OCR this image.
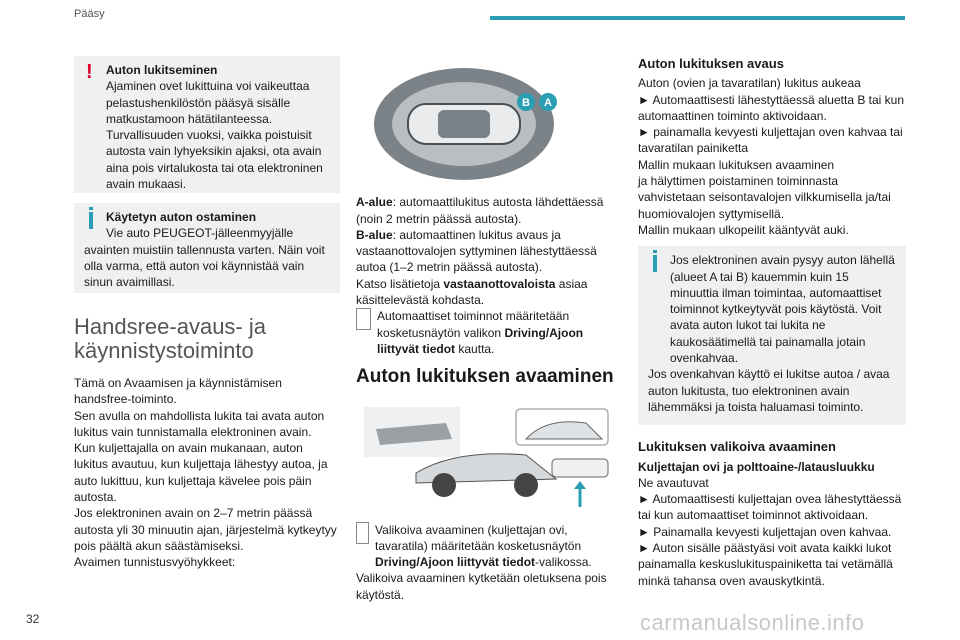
Pääsy
!	Auton lukitseminen
Ajaminen ovet lukittuina voi vaikeuttaa pelastushenkilöstön pääsyä sisälle matkustamoon hätätilanteessa. Turvallisuuden vuoksi, vaikka poistuisit autosta vain lyhyeksikin ajaksi, ota avain aina pois virtalukosta tai ota elektroninen avain mukaasi.
Käytetyn auton ostaminen
Vie auto PEUGEOT-jälleenmyyjälle avainten muistiin tallennusta varten. Näin voit olla varma, että auton voi käynnistää vain sinun avaimillasi.
Handsree-avaus- ja käynnistystoiminto
Tämä on Avaamisen ja käynnistämisen handsfree-toiminto.
Sen avulla on mahdollista lukita tai avata auton lukitus vain tunnistamalla elektroninen avain.
Kun kuljettajalla on avain mukanaan, auton lukitus avautuu, kun kuljettaja lähestyy autoa, ja auto lukittuu, kun kuljettaja kävelee pois päin autosta.
Jos elektroninen avain on 2–7 metrin päässä autosta yli 30 minuutin ajan, järjestelmä kytkeytyy pois päältä akun säästämiseksi.
Avaimen tunnistusvyöhykkeet:
B A
A-alue: automaattilukitus autosta lähdettäessä (noin 2 metrin päässä autosta).
B-alue: automaattinen lukitus avaus ja vastaanottovalojen syttyminen lähestyttäessä autoa (1–2 metrin päässä autosta).
Katso lisätietoja vastaanottovaloista asiaa käsittelevästä kohdasta.
Automaattiset toiminnot määritetään kosketusnäytön valikon Driving/Ajoon liittyvät tiedot kautta.
Auton lukituksen avaaminen
Valikoiva avaaminen (kuljettajan ovi, tavaratila) määritetään kosketusnäytön Driving/Ajoon liittyvät tiedot-valikossa.
Valikoiva avaaminen kytketään oletuksena pois käytöstä.
Auton lukituksen avaus
Auton (ovien ja tavaratilan) lukitus aukeaa
► Automaattisesti lähestyttäessä aluetta B tai kun automaattinen toiminto aktivoidaan.
► painamalla kevyesti kuljettajan oven kahvaa tai tavaratilan painiketta
Mallin mukaan lukituksen avaaminen
ja hälyttimen poistaminen toiminnasta vahvistetaan seisontavalojen vilkkumisella ja/tai huomiovalojen syttymisellä.
Mallin mukaan ulkopeilit kääntyvät auki.
Jos elektroninen avain pysyy auton lähellä (alueet A tai B) kauemmin kuin 15 minuuttia ilman toimintaa, automaattiset toiminnot kytkeytyvät pois käytöstä. Voit avata auton lukot tai lukita ne kaukosäätimellä tai painamalla jotain ovenkahvaa.
Jos ovenkahvan käyttö ei lukitse autoa / avaa auton lukitusta, tuo elektroninen avain lähemmäksi ja toista haluamasi toiminto.
Lukituksen valikoiva avaaminen
Kuljettajan ovi ja polttoaine-/latausluukku
Ne avautuvat
► Automaattisesti kuljettajan ovea lähestyttäessä tai kun automaattiset toiminnot aktivoidaan.
► Painamalla kevyesti kuljettajan oven kahvaa.
► Auton sisälle päästyäsi voit avata kaikki lukot painamalla keskuslukituspainiketta tai vetämällä minkä tahansa oven avauskytkintä.
32	carmanualsonline.info
